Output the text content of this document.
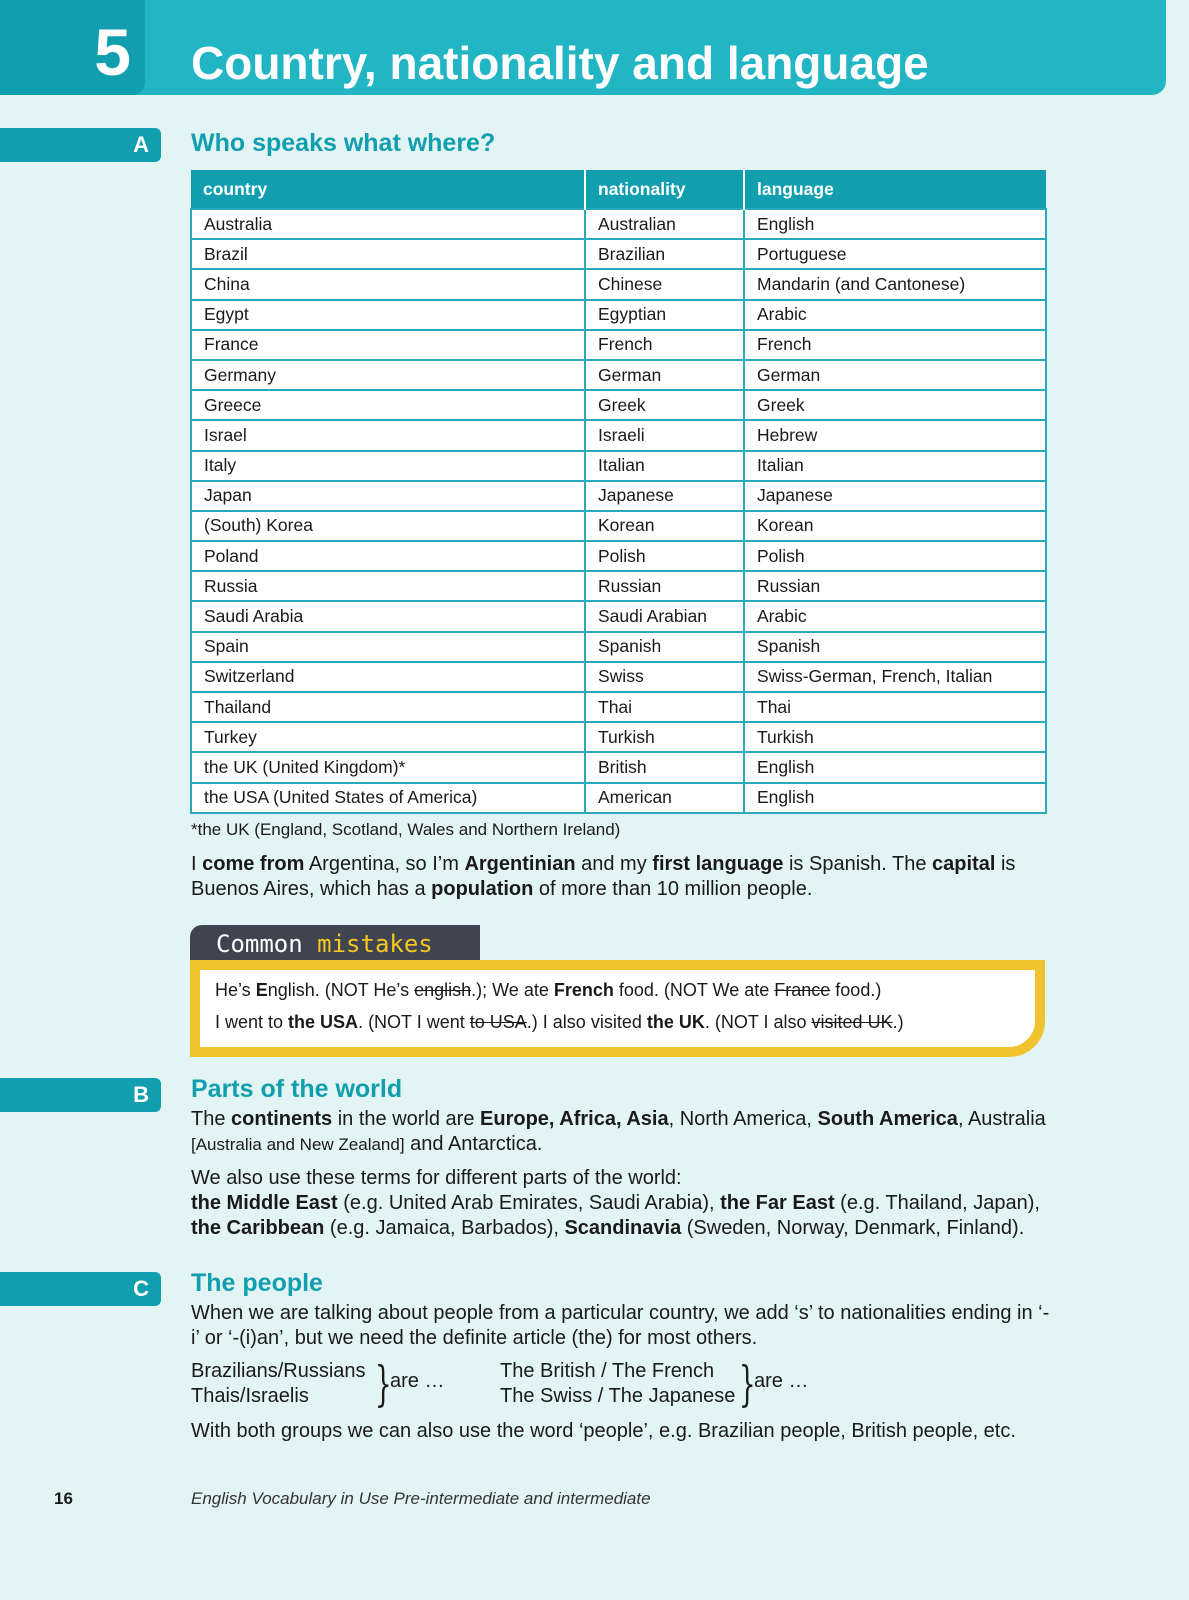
5	Country, nationality and language
A	Who speaks what where?
country	nationality	language
Australia	Australian	English
Brazil	Brazilian	Portuguese
China	Chinese	Mandarin (and Cantonese)
Egypt	Egyptian	Arabic
France	French	French
Germany	German	German
Greece	Greek	Greek
Israel	Israeli	Hebrew
Italy	Italian	Italian
Japan	Japanese	Japanese
(South) Korea	Korean	Korean
Poland	Polish	Polish
Russia	Russian	Russian
Saudi Arabia	Saudi Arabian	Arabic
Spain	Spanish	Spanish
Switzerland	Swiss	Swiss-German, French, Italian
Thailand	Thai	Thai
Turkey	Turkish	Turkish
the UK (United Kingdom)*	British	English
the USA (United States of America)	American	English
*the UK (England, Scotland, Wales and Northern Ireland)
I come from Argentina, so I’m Argentinian and my first language is Spanish. The capital is Buenos Aires, which has a population of more than 10 million people.
Common mistakes
He’s English. (NOT He’s english.); We ate French food. (NOT We ate France food.)
I went to the USA. (NOT I went to USA.) I also visited the UK. (NOT I also visited UK.)
B	Parts of the world
The continents in the world are Europe, Africa, Asia, North America, South America, Australia [Australia and New Zealand] and Antarctica.
We also use these terms for different parts of the world:
the Middle East (e.g. United Arab Emirates, Saudi Arabia), the Far East (e.g. Thailand, Japan), the Caribbean (e.g. Jamaica, Barbados), Scandinavia (Sweden, Norway, Denmark, Finland).
C	The people
When we are talking about people from a particular country, we add ‘s’ to nationalities ending in ‘-i’ or ‘-(i)an’, but we need the definite article (the) for most others.
Brazilians/Russians
Thais/Israelis	}
are …	The British / The French
The Swiss / The Japanese }
are …
With both groups we can also use the word ‘people’, e.g. Brazilian people, British people, etc.
16	English Vocabulary in Use Pre-intermediate and intermediate
